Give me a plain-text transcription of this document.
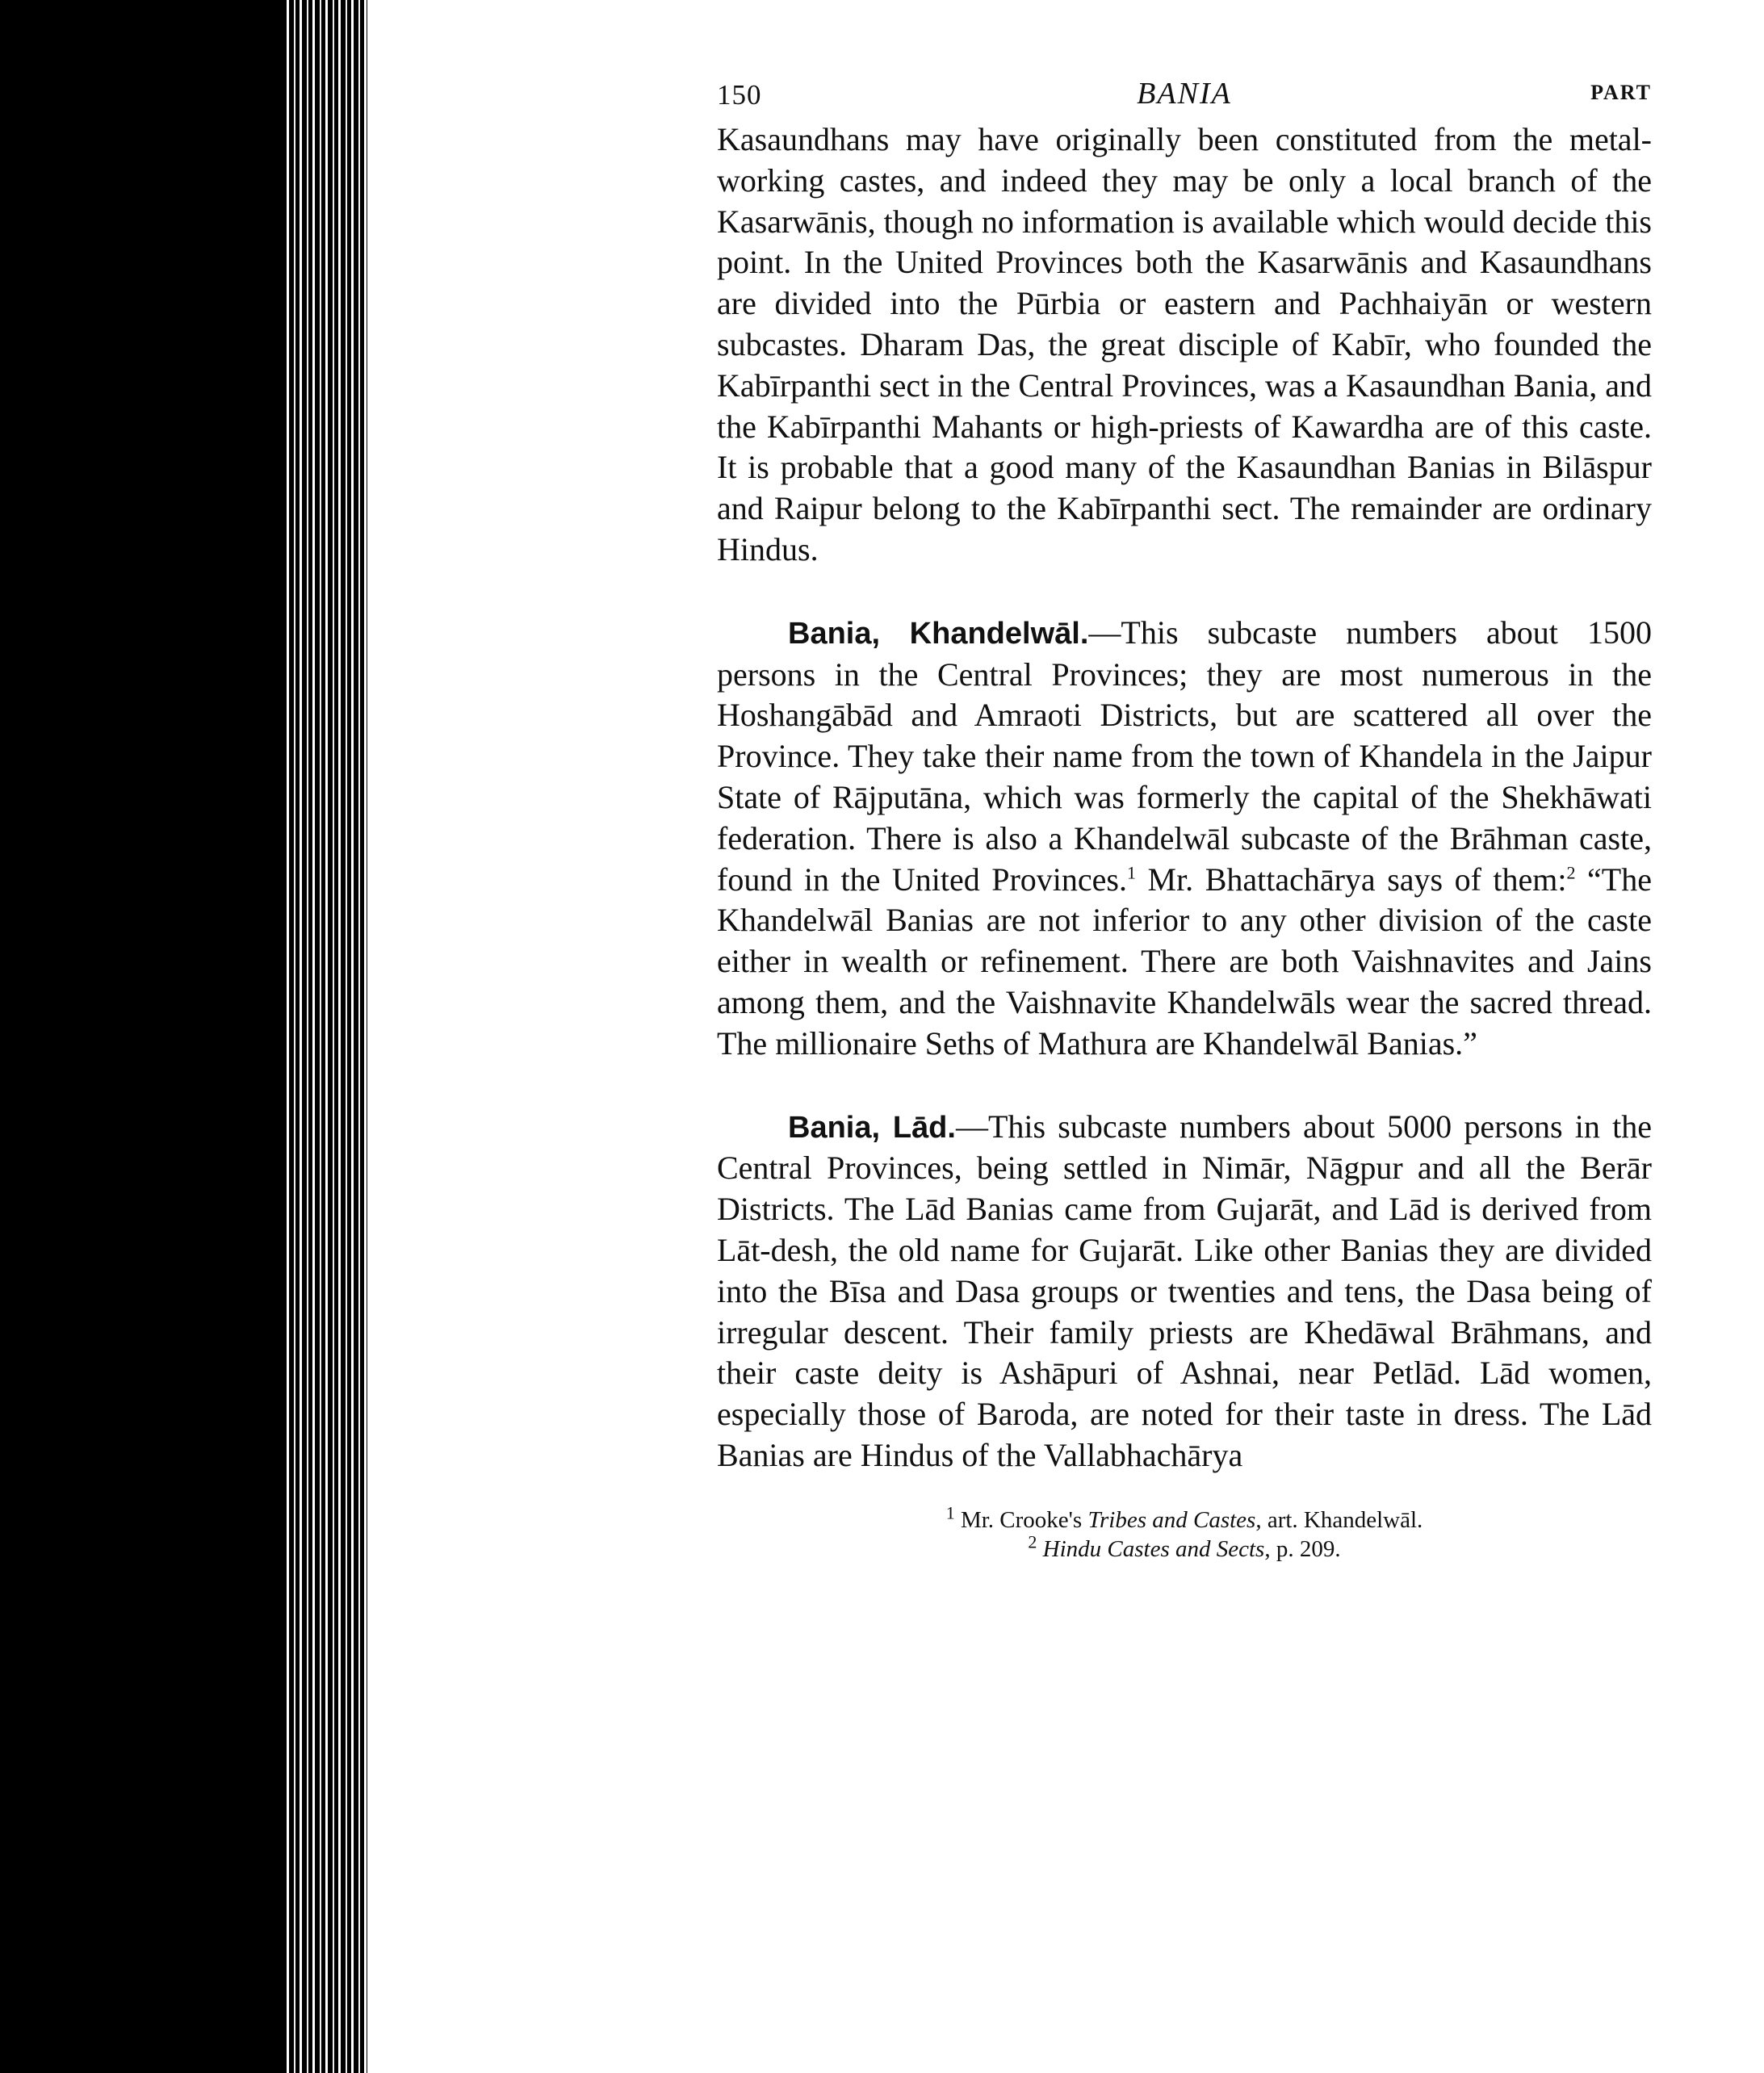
150	BANIA	PART

Kasaundhans may have originally been constituted from the metal-working castes, and indeed they may be only a local branch of the Kasarwānis, though no information is available which would decide this point. In the United Provinces both the Kasarwānis and Kasaundhans are divided into the Pūrbia or eastern and Pachhaiyān or western subcastes. Dharam Das, the great disciple of Kabīr, who founded the Kabīrpanthi sect in the Central Provinces, was a Kasaundhan Bania, and the Kabīrpanthi Mahants or high-priests of Kawardha are of this caste. It is probable that a good many of the Kasaundhan Banias in Bilāspur and Raipur belong to the Kabīrpanthi sect. The remainder are ordinary Hindus.

Bania, Khandelwāl.—This subcaste numbers about 1500 persons in the Central Provinces; they are most numerous in the Hoshangābād and Amraoti Districts, but are scattered all over the Province. They take their name from the town of Khandela in the Jaipur State of Rājputāna, which was formerly the capital of the Shekhāwati federation. There is also a Khandelwāl subcaste of the Brāhman caste, found in the United Provinces.$^1$ Mr. Bhattachārya says of them:$^2$ “The Khandelwāl Banias are not inferior to any other division of the caste either in wealth or refinement. There are both Vaishnavites and Jains among them, and the Vaishnavite Khandelwāls wear the sacred thread. The millionaire Seths of Mathura are Khandelwāl Banias.”

Bania, Lād.—This subcaste numbers about 5000 persons in the Central Provinces, being settled in Nimār, Nāgpur and all the Berār Districts. The Lād Banias came from Gujarāt, and Lād is derived from Lāt-desh, the old name for Gujarāt. Like other Banias they are divided into the Bīsa and Dasa groups or twenties and tens, the Dasa being of irregular descent. Their family priests are Khedāwal Brāhmans, and their caste deity is Ashāpuri of Ashnai, near Petlād. Lād women, especially those of Baroda, are noted for their taste in dress. The Lād Banias are Hindus of the Vallabhachārya

$^1$ Mr. Crooke's Tribes and Castes, art. Khandelwāl.
$^2$ Hindu Castes and Sects, p. 209.
